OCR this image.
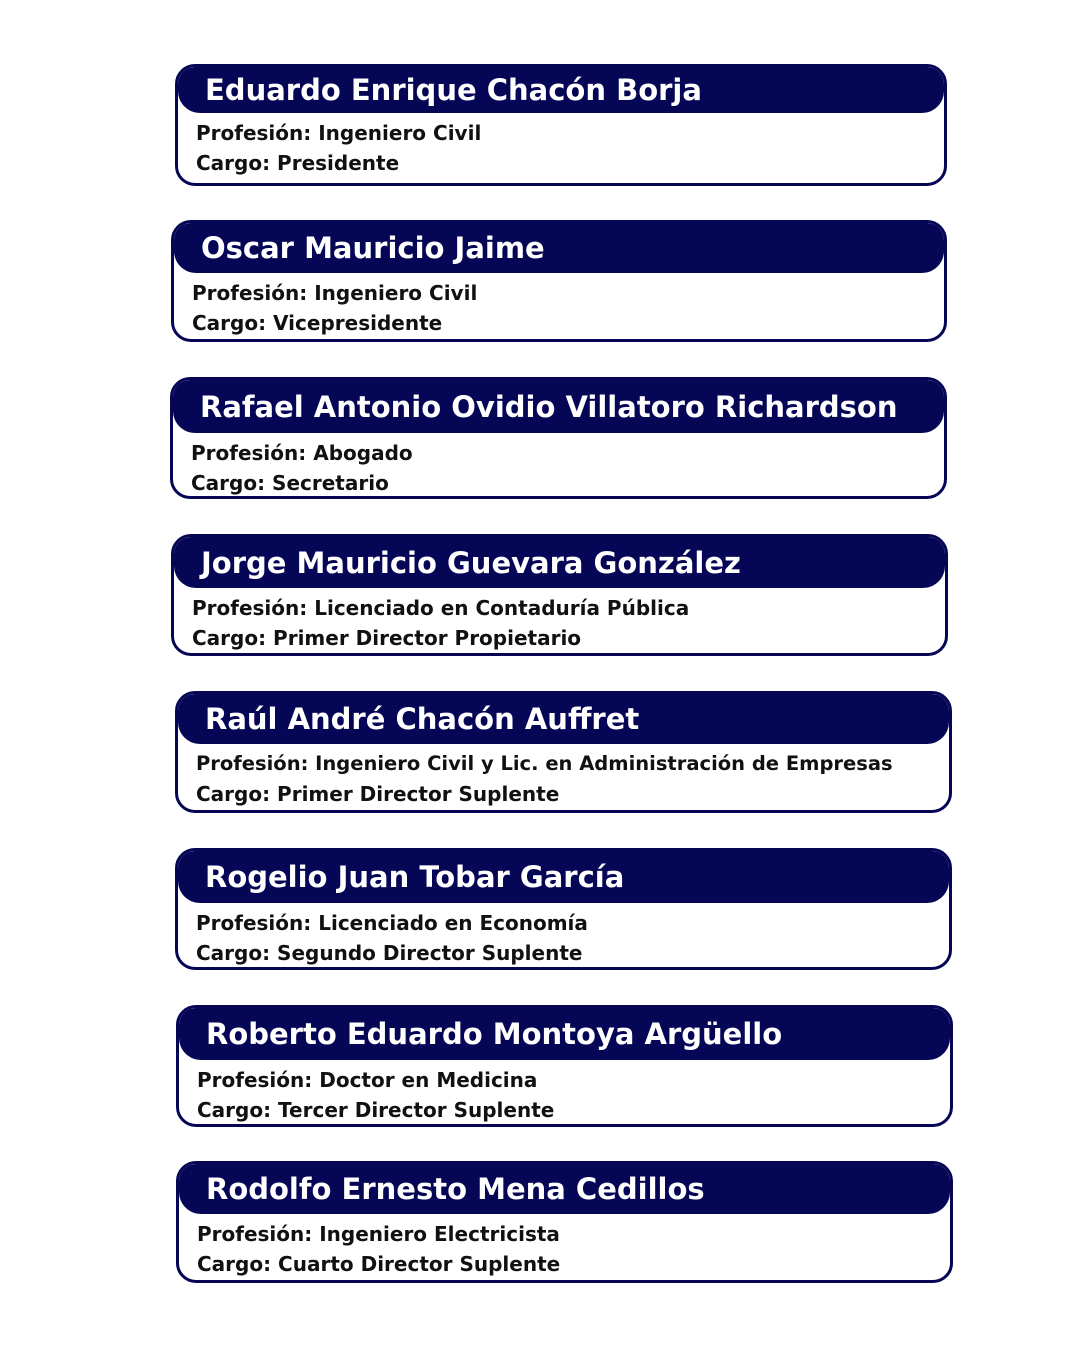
Eduardo Enrique Chacón Borja
Profesión: Ingeniero Civil
Cargo: Presidente
Oscar Mauricio Jaime
Profesión: Ingeniero Civil
Cargo: Vicepresidente
Rafael Antonio Ovidio Villatoro Richardson
Profesión: Abogado
Cargo: Secretario
Jorge Mauricio Guevara González
Profesión: Licenciado en Contaduría Pública
Cargo: Primer Director Propietario
Raúl André Chacón Auffret
Profesión: Ingeniero Civil y Lic. en Administración de Empresas
Cargo: Primer Director Suplente
Rogelio Juan Tobar García
Profesión: Licenciado en Economía
Cargo: Segundo Director Suplente
Roberto Eduardo Montoya Argüello
Profesión: Doctor en Medicina
Cargo: Tercer Director Suplente
Rodolfo Ernesto Mena Cedillos
Profesión: Ingeniero Electricista
Cargo: Cuarto Director Suplente
